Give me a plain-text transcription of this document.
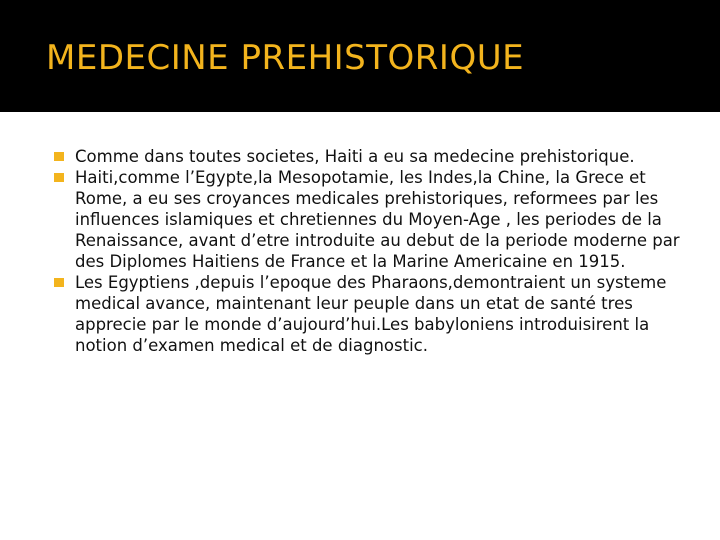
MEDECINE PREHISTORIQUE
Comme dans toutes societes, Haiti a eu sa medecine prehistorique.
Haiti,comme l’Egypte,la Mesopotamie, les Indes,la Chine, la Grece et Rome, a eu ses croyances medicales prehistoriques, reformees par les influences islamiques et chretiennes du Moyen-Age , les periodes de la Renaissance, avant d’etre introduite au debut de la periode moderne par des Diplomes Haitiens de France et la Marine Americaine en 1915.
Les Egyptiens ,depuis l’epoque des Pharaons,demontraient un systeme medical avance, maintenant leur peuple dans un etat de santé tres apprecie par le monde d’aujourd’hui.Les babyloniens introduisirent la notion d’examen medical et de diagnostic.
